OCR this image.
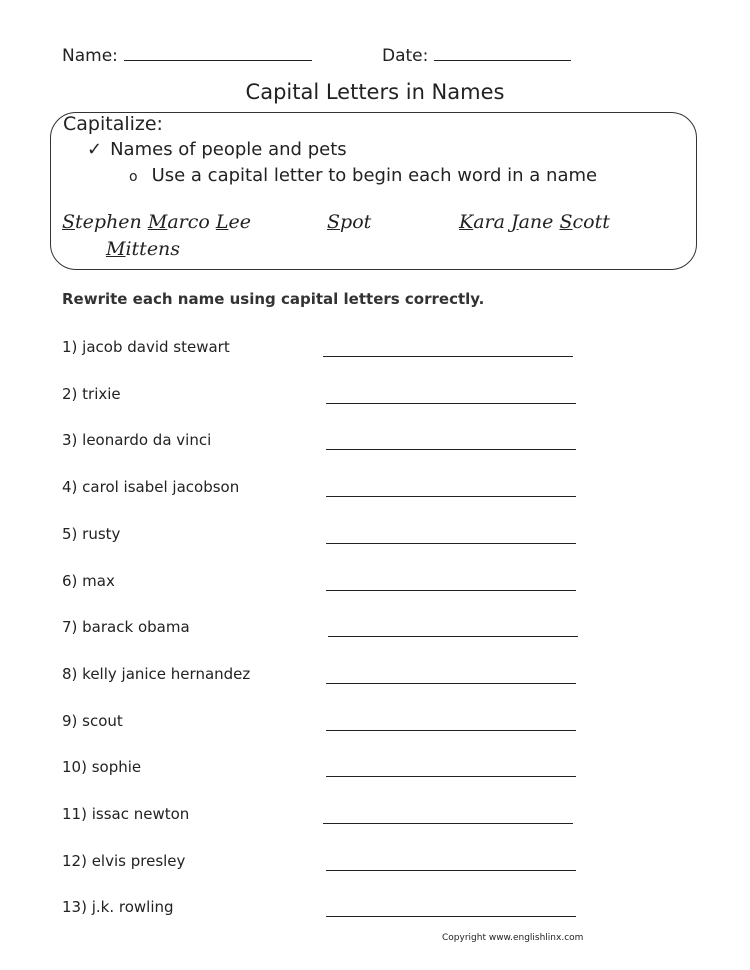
Name:	Date:
Capital Letters in Names
Capitalize:
✓ Names of people and pets
o Use a capital letter to begin each word in a name
Stephen Marco Lee	Spot	Kara Jane Scott
Mittens
Rewrite each name using capital letters correctly.
1) jacob david stewart
2) trixie
3) leonardo da vinci
4) carol isabel jacobson
5) rusty
6) max
7) barack obama
8) kelly janice hernandez
9) scout
10) sophie
11) issac newton
12) elvis presley
13) j.k. rowling
Copyright www.englishlinx.com
